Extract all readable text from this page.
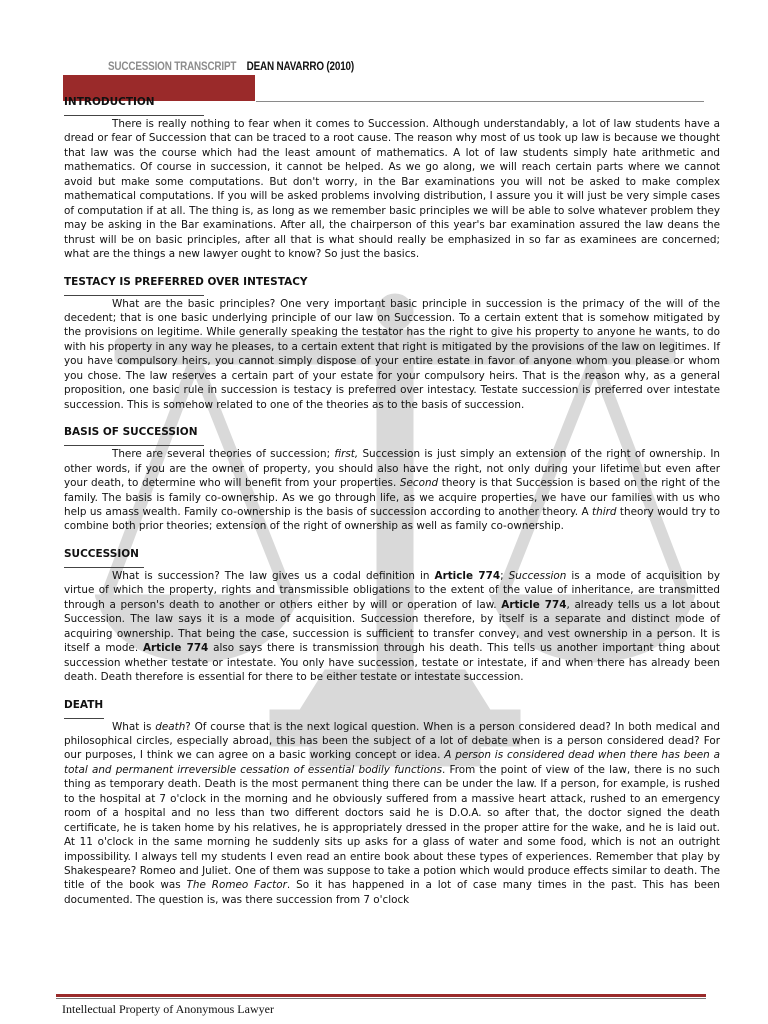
SUCCESSION TRANSCRIPT DEAN NAVARRO (2010)
INTRODUCTION

There is really nothing to fear when it comes to Succession. Although understandably, a lot of law students have a dread or fear of Succession that can be traced to a root cause. The reason why most of us took up law is because we thought that law was the course which had the least amount of mathematics. A lot of law students simply hate arithmetic and mathematics. Of course in succession, it cannot be helped. As we go along, we will reach certain parts where we cannot avoid but make some computations. But don't worry, in the Bar examinations you will not be asked to make complex mathematical computations. If you will be asked problems involving distribution, I assure you it will just be very simple cases of computation if at all. The thing is, as long as we remember basic principles we will be able to solve whatever problem they may be asking in the Bar examinations. After all, the chairperson of this year's bar examination assured the law deans the thrust will be on basic principles, after all that is what should really be emphasized in so far as examinees are concerned; what are the things a new lawyer ought to know? So just the basics.

TESTACY IS PREFERRED OVER INTESTACY

What are the basic principles? One very important basic principle in succession is the primacy of the will of the decedent; that is one basic underlying principle of our law on Succession. To a certain extent that is somehow mitigated by the provisions on legitime. While generally speaking the testator has the right to give his property to anyone he wants, to do with his property in any way he pleases, to a certain extent that right is mitigated by the provisions of the law on legitimes. If you have compulsory heirs, you cannot simply dispose of your entire estate in favor of anyone whom you please or whom you chose. The law reserves a certain part of your estate for your compulsory heirs. That is the reason why, as a general proposition, one basic rule in succession is testacy is preferred over intestacy. Testate succession is preferred over intestate succession. This is somehow related to one of the theories as to the basis of succession.

BASIS OF SUCCESSION

There are several theories of succession; first, Succession is just simply an extension of the right of ownership. In other words, if you are the owner of property, you should also have the right, not only during your lifetime but even after your death, to determine who will benefit from your properties. Second theory is that Succession is based on the right of the family. The basis is family co-ownership. As we go through life, as we acquire properties, we have our families with us who help us amass wealth. Family co-ownership is the basis of succession according to another theory. A third theory would try to combine both prior theories; extension of the right of ownership as well as family co-ownership.

SUCCESSION

What is succession? The law gives us a codal definition in Article 774; Succession is a mode of acquisition by virtue of which the property, rights and transmissible obligations to the extent of the value of inheritance, are transmitted through a person's death to another or others either by will or operation of law. Article 774, already tells us a lot about Succession. The law says it is a mode of acquisition. Succession therefore, by itself is a separate and distinct mode of acquiring ownership. That being the case, succession is sufficient to transfer convey, and vest ownership in a person. It is itself a mode. Article 774 also says there is transmission through his death. This tells us another important thing about succession whether testate or intestate. You only have succession, testate or intestate, if and when there has already been death. Death therefore is essential for there to be either testate or intestate succession.

DEATH

What is death? Of course that is the next logical question. When is a person considered dead? In both medical and philosophical circles, especially abroad, this has been the subject of a lot of debate when is a person considered dead? For our purposes, I think we can agree on a basic working concept or idea. A person is considered dead when there has been a total and permanent irreversible cessation of essential bodily functions. From the point of view of the law, there is no such thing as temporary death. Death is the most permanent thing there can be under the law. If a person, for example, is rushed to the hospital at 7 o'clock in the morning and he obviously suffered from a massive heart attack, rushed to an emergency room of a hospital and no less than two different doctors said he is D.O.A. so after that, the doctor signed the death certificate, he is taken home by his relatives, he is appropriately dressed in the proper attire for the wake, and he is laid out. At 11 o'clock in the same morning he suddenly sits up asks for a glass of water and some food, which is not an outright impossibility. I always tell my students I even read an entire book about these types of experiences. Remember that play by Shakespeare? Romeo and Juliet. One of them was suppose to take a potion which would produce effects similar to death. The title of the book was The Romeo Factor. So it has happened in a lot of case many times in the past. This has been documented. The question is, was there succession from 7 o'clock

Intellectual Property of Anonymous Lawyer
